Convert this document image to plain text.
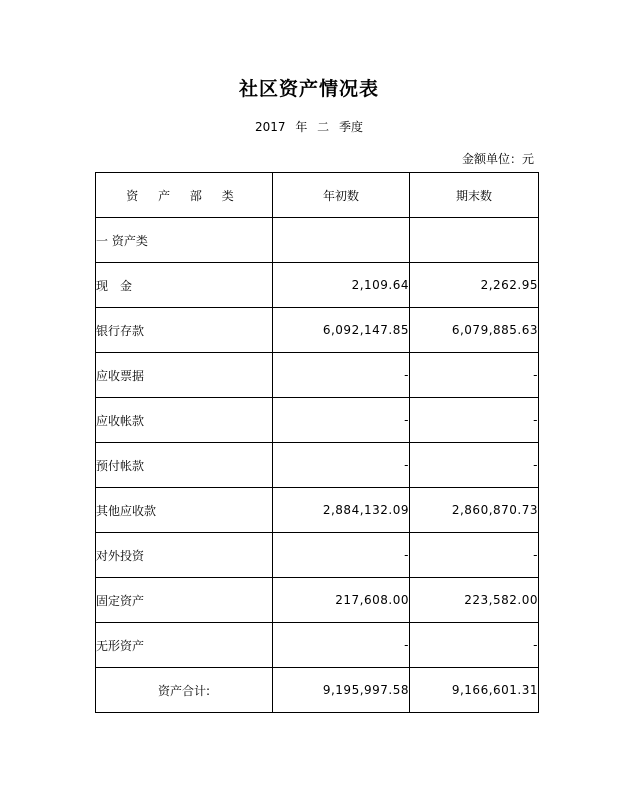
社区资产情况表
2017 年 二 季度
金额单位：元
资 产 部 类	年初数	期末数
一 资产类		
现　金	2,109.64	2,262.95
银行存款	6,092,147.85	6,079,885.63
应收票据	-	-
应收帐款	-	-
预付帐款	-	-
其他应收款	2,884,132.09	2,860,870.73
对外投资	-	-
固定资产	217,608.00	223,582.00
无形资产	-	-
资产合计:	9,195,997.58	9,166,601.31
